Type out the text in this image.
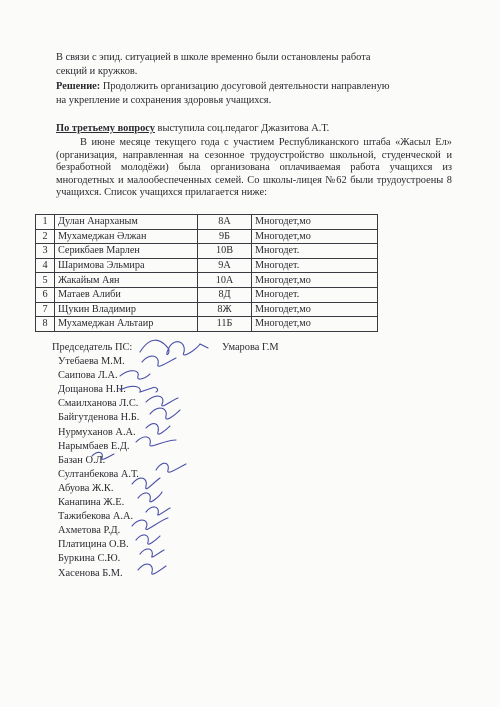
В связи с эпид. ситуацией в школе временно были остановлены работа

секций и кружков.

Решение: Продолжить организацию досуговой деятельности направленую

на укрепление и сохранения здоровья учащихся.

По третьему вопросу выступила соц.педагог Джазитова А.Т.

В июне месяце текущего года с участием Республиканского штаба «Жасыл Ел» (организация, направленная на сезонное трудоустройство школьной, студенческой и безработной молодёжи) была организована оплачиваемая работа учащихся из многодетных и малообеспеченных семей. Со школы-лицея №62 были трудоустроены 8 учащихся. Список учащихся прилагается ниже:

1	Дулан Анарханым	8А	Многодет,мо
2	Мухамеджан Әлжан	9Б	Многодет,мо
3	Серикбаев Марлен	10В	Многодет.
4	Шаримова Эльмира	9А	Многодет.
5	Жакайым Аян	10А	Многодет,мо
6	Матаев Алиби	8Д	Многодет.
7	Щукин Владимир	8Ж	Многодет,мо
8	Мухамеджан Альтаир	11Б	Многодет,мо
Председатель ПС:	Умарова Г.М
Утебаева М.М.
Саипова Л.А.
Дощанова Н.Н.
Смаилханова Л.С.
Байгутденова Н.Б.
Нурмуханов А.А.
Нарымбаев Е.Д.
Базан О.Л.
Султанбекова А.Т.
Абуова Ж.К.
Канапина Ж.Е.
Тажибекова А.А.
Ахметова Р.Д.
Платицина О.В.
Буркина С.Ю.
Хасенова Б.М.
